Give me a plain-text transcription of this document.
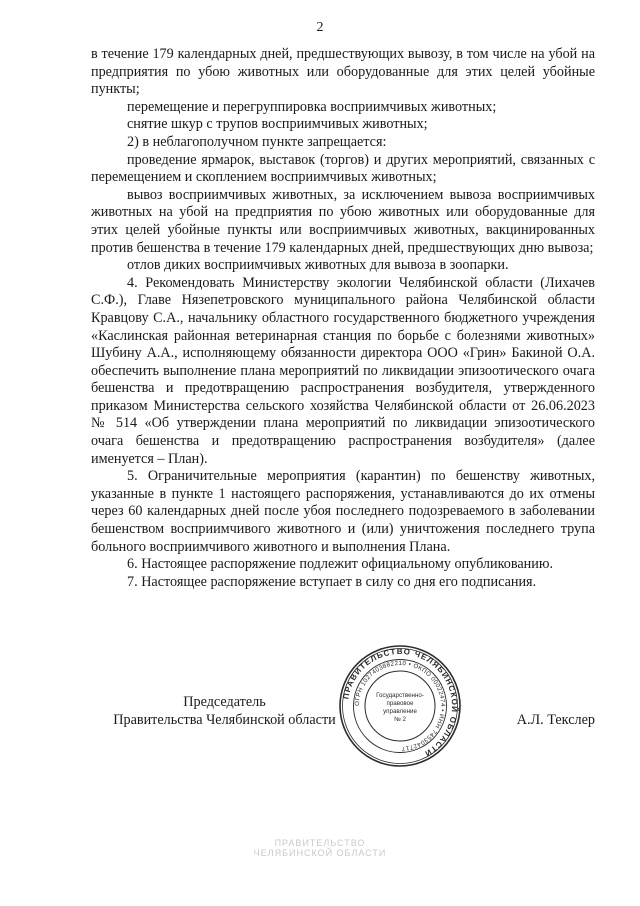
2

в течение 179 календарных дней, предшествующих вывозу, в том числе на убой на предприятия по убою животных или оборудованные для этих целей убойные пункты;

перемещение и перегруппировка восприимчивых животных;

снятие шкур с трупов восприимчивых животных;

2) в неблагополучном пункте запрещается:

проведение ярмарок, выставок (торгов) и других мероприятий, связанных с перемещением и скоплением восприимчивых животных;

вывоз восприимчивых животных, за исключением вывоза восприимчивых животных на убой на предприятия по убою животных или оборудованные для этих целей убойные пункты или восприимчивых животных, вакцинированных против бешенства в течение 179 календарных дней, предшествующих дню вывоза;

отлов диких восприимчивых животных для вывоза в зоопарки.

4. Рекомендовать Министерству экологии Челябинской области (Лихачев С.Ф.), Главе Нязепетровского муниципального района Челябинской области Кравцову С.А., начальнику областного государственного бюджетного учреждения «Каслинская районная ветеринарная станция по борьбе с болезнями животных» Шубину А.А., исполняющему обязанности директора ООО «Грин» Бакиной О.А. обеспечить выполнение плана мероприятий по ликвидации эпизоотического очага бешенства и предотвращению распространения возбудителя, утвержденного приказом Министерства сельского хозяйства Челябинской области от 26.06.2023 № 514 «Об утверждении плана мероприятий по ликвидации эпизоотического очага бешенства и предотвращению распространения возбудителя» (далее именуется – План).

5. Ограничительные мероприятия (карантин) по бешенству животных, указанные в пункте 1 настоящего распоряжения, устанавливаются до их отмены через 60 календарных дней после убоя последнего подозреваемого в заболевании бешенством восприимчивого животного и (или) уничтожения последнего трупа больного восприимчивого животного и выполнения Плана.

6. Настоящее распоряжение подлежит официальному опубликованию.

7. Настоящее распоряжение вступает в силу со дня его подписания.

Председатель
Правительства Челябинской области	А.Л. Текслер
ПРАВИТЕЛЬСТВО ЧЕЛЯБИНСКОЙ ОБЛАСТИ
ОГРН 1027403882210 • ОКПО 00022474 • ИНН 7453042717
Государственно-
правовое
управление
№ 2
ПРАВИТЕЛЬСТВО
ЧЕЛЯБИНСКОЙ ОБЛАСТИ
